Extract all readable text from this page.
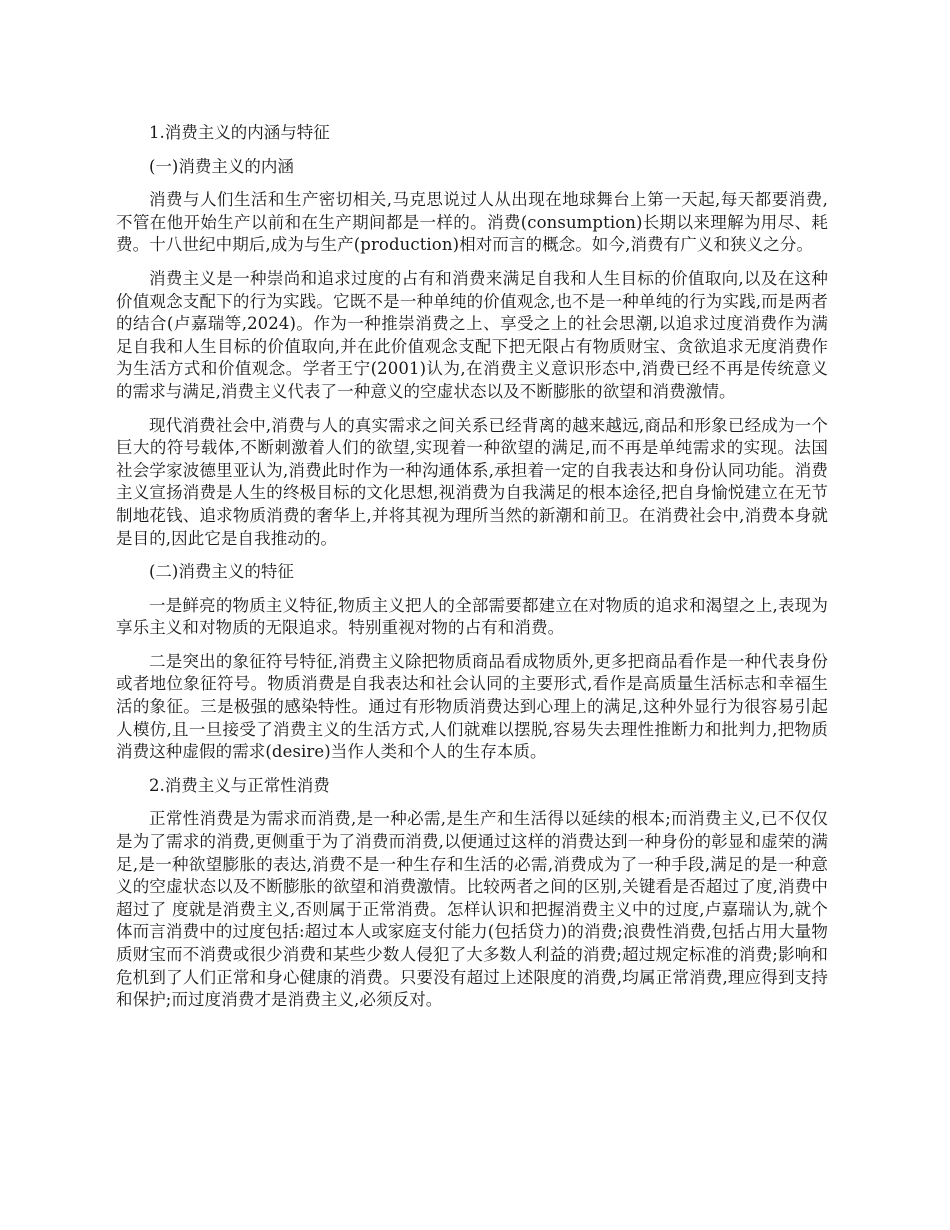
1.消费主义的内涵与特征

(一)消费主义的内涵

消费与人们生活和生产密切相关,马克思说过人从出现在地球舞台上第一天起,每天都要消费,不管在他开始生产以前和在生产期间都是一样的。消费(consumption)长期以来理解为用尽、耗费。十八世纪中期后,成为与生产(production)相对而言的概念。如今,消费有广义和狭义之分。

消费主义是一种崇尚和追求过度的占有和消费来满足自我和人生目标的价值取向,以及在这种价值观念支配下的行为实践。它既不是一种单纯的价值观念,也不是一种单纯的行为实践,而是两者的结合(卢嘉瑞等,2024)。作为一种推崇消费之上、享受之上的社会思潮,以追求过度消费作为满足自我和人生目标的价值取向,并在此价值观念支配下把无限占有物质财宝、贪欲追求无度消费作为生活方式和价值观念。学者王宁(2001)认为,在消费主义意识形态中,消费已经不再是传统意义的需求与满足,消费主义代表了一种意义的空虚状态以及不断膨胀的欲望和消费激情。

现代消费社会中,消费与人的真实需求之间关系已经背离的越来越远,商品和形象已经成为一个巨大的符号载体,不断刺激着人们的欲望,实现着一种欲望的满足,而不再是单纯需求的实现。法国社会学家波德里亚认为,消费此时作为一种沟通体系,承担着一定的自我表达和身份认同功能。消费主义宣扬消费是人生的终极目标的文化思想,视消费为自我满足的根本途径,把自身愉悦建立在无节制地花钱、追求物质消费的奢华上,并将其视为理所当然的新潮和前卫。在消费社会中,消费本身就是目的,因此它是自我推动的。

(二)消费主义的特征

一是鲜亮的物质主义特征,物质主义把人的全部需要都建立在对物质的追求和渴望之上,表现为享乐主义和对物质的无限追求。特别重视对物的占有和消费。

二是突出的象征符号特征,消费主义除把物质商品看成物质外,更多把商品看作是一种代表身份或者地位象征符号。物质消费是自我表达和社会认同的主要形式,看作是高质量生活标志和幸福生活的象征。三是极强的感染特性。通过有形物质消费达到心理上的满足,这种外显行为很容易引起人模仿,且一旦接受了消费主义的生活方式,人们就难以摆脱,容易失去理性推断力和批判力,把物质消费这种虚假的需求(desire)当作人类和个人的生存本质。

2.消费主义与正常性消费

正常性消费是为需求而消费,是一种必需,是生产和生活得以延续的根本;而消费主义,已不仅仅是为了需求的消费,更侧重于为了消费而消费,以便通过这样的消费达到一种身份的彰显和虚荣的满足,是一种欲望膨胀的表达,消费不是一种生存和生活的必需,消费成为了一种手段,满足的是一种意义的空虚状态以及不断膨胀的欲望和消费激情。比较两者之间的区别,关键看是否超过了度,消费中超过了 度就是消费主义,否则属于正常消费。怎样认识和把握消费主义中的过度,卢嘉瑞认为,就个体而言消费中的过度包括:超过本人或家庭支付能力(包括贷力)的消费;浪费性消费,包括占用大量物质财宝而不消费或很少消费和某些少数人侵犯了大多数人利益的消费;超过规定标准的消费;影响和危机到了人们正常和身心健康的消费。只要没有超过上述限度的消费,均属正常消费,理应得到支持和保护;而过度消费才是消费主义,必须反对。
